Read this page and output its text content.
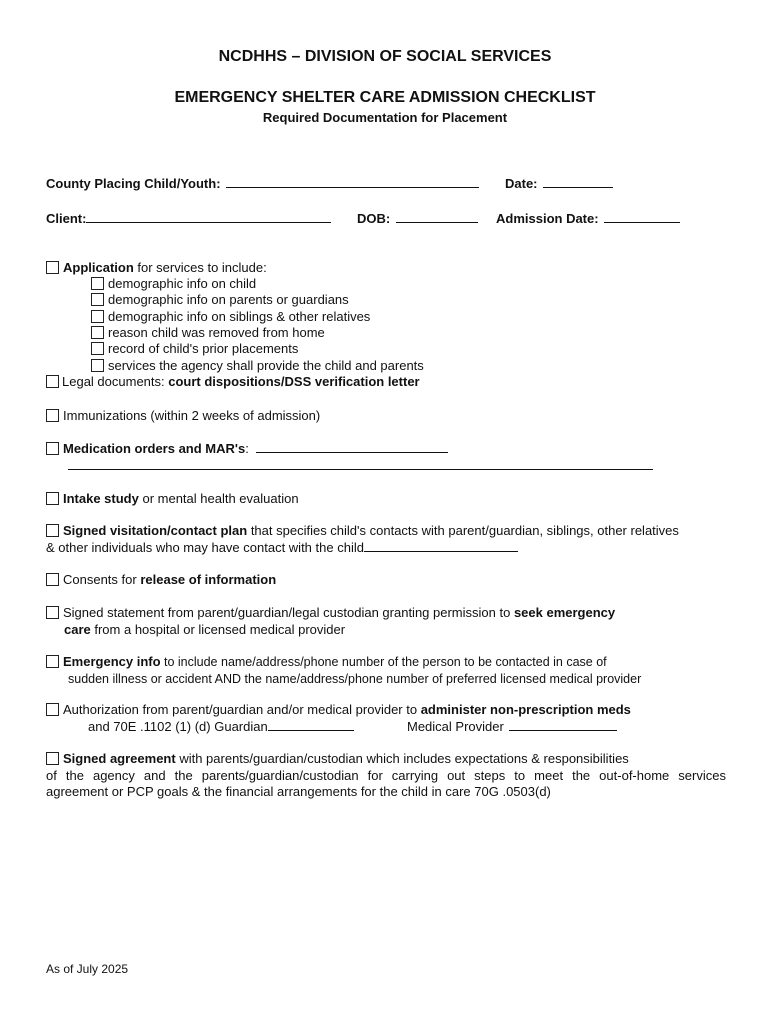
NCDHHS – DIVISION OF SOCIAL SERVICES
EMERGENCY SHELTER CARE ADMISSION CHECKLIST
Required Documentation for Placement
County Placing Child/Youth:	Date:
Client:	DOB:	Admission Date:
Application for services to include:
demographic info on child
demographic info on parents or guardians
demographic info on siblings & other relatives
reason child was removed from home
record of child's prior placements
services the agency shall provide the child and parents
Legal documents: court dispositions/DSS verification letter
Immunizations (within 2 weeks of admission)
Medication orders and MAR's:
Intake study or mental health evaluation
Signed visitation/contact plan that specifies child's contacts with parent/guardian, siblings, other relatives
& other individuals who may have contact with the child
Consents for release of information
Signed statement from parent/guardian/legal custodian granting permission to seek emergency
care from a hospital or licensed medical provider
Emergency info to include name/address/phone number of the person to be contacted in case of
sudden illness or accident AND the name/address/phone number of preferred licensed medical provider
Authorization from parent/guardian and/or medical provider to administer non-prescription meds
and 70E .1102 (1) (d) Guardian	Medical Provider
Signed agreement with parents/guardian/custodian which includes expectations & responsibilities
of the agency and the parents/guardian/custodian for carrying out steps to meet the out-of-home services
agreement or PCP goals & the financial arrangements for the child in care 70G .0503(d)
As of July 2025
